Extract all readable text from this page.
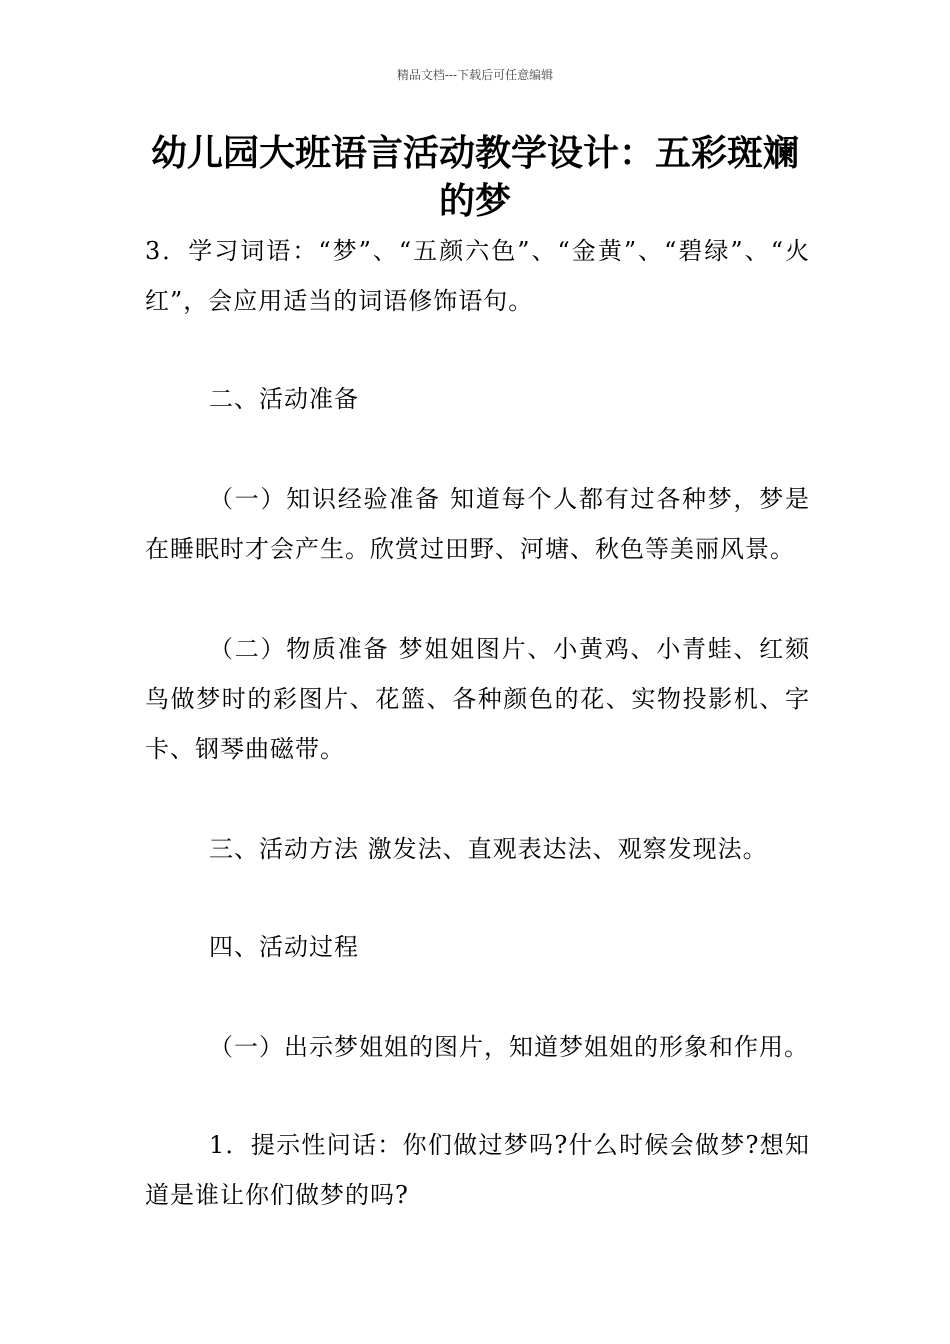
精品文档---下载后可任意编辑
幼儿园大班语言活动教学设计：五彩斑斓的梦

3．学习词语：“梦”、“五颜六色”、“金黄”、“碧绿”、“火红”，会应用适当的词语修饰语句。

二、活动准备

（一）知识经验准备 知道每个人都有过各种梦，梦是在睡眠时才会产生。欣赏过田野、河塘、秋色等美丽风景。

（二）物质准备 梦姐姐图片、小黄鸡、小青蛙、红颏鸟做梦时的彩图片、花篮、各种颜色的花、实物投影机、字卡、钢琴曲磁带。

三、活动方法 激发法、直观表达法、观察发现法。

四、活动过程

（一）出示梦姐姐的图片，知道梦姐姐的形象和作用。

1．提示性问话：你们做过梦吗?什么时候会做梦?想知道是谁让你们做梦的吗?
